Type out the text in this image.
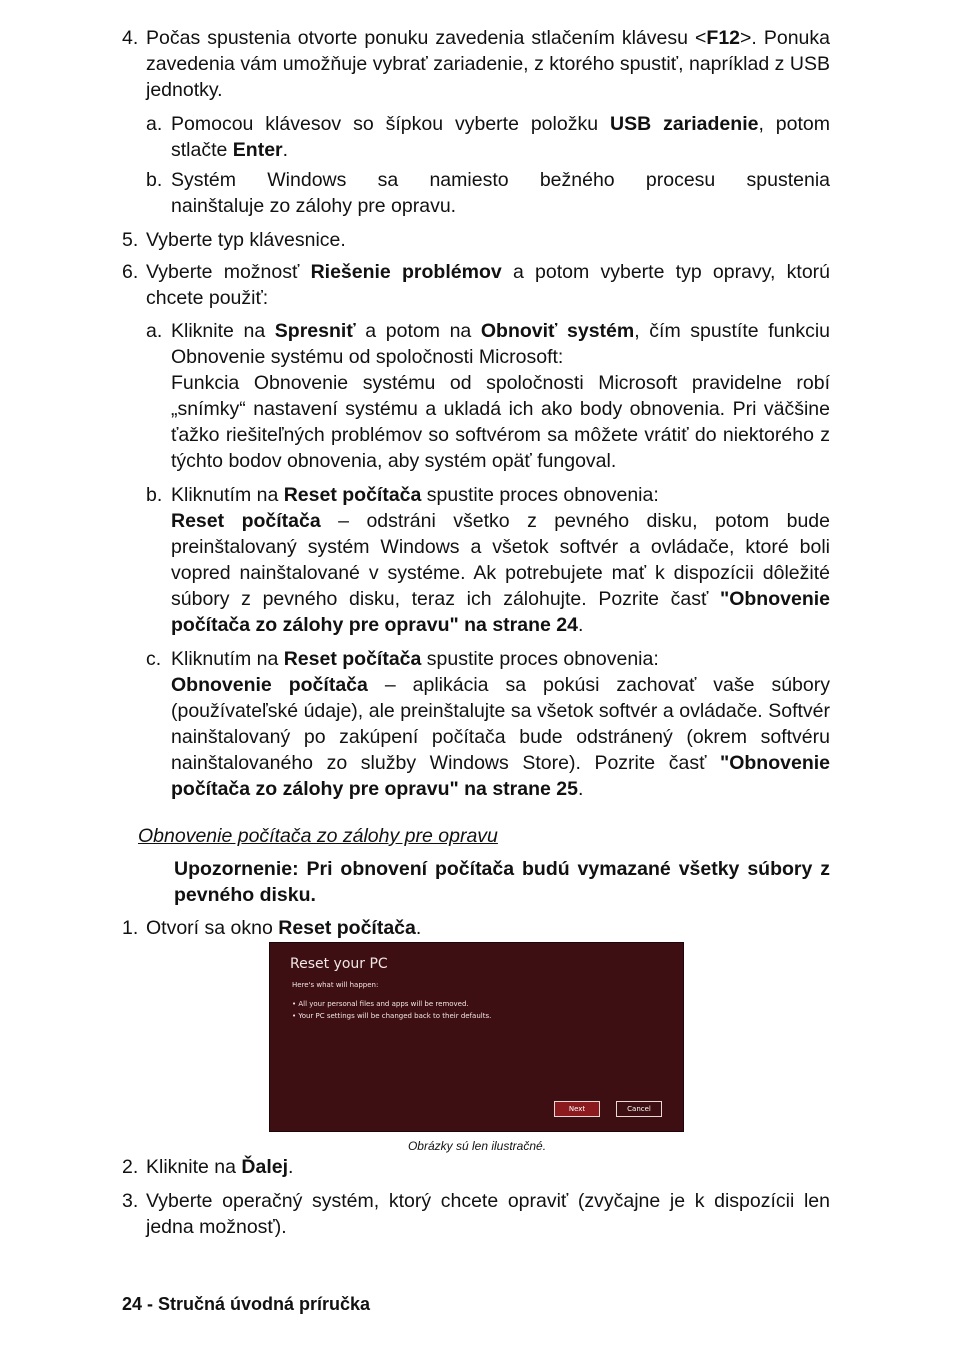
4. Počas spustenia otvorte ponuku zavedenia stlačením klávesu <F12>. Ponuka zavedenia vám umožňuje vybrať zariadenie, z ktorého spustiť, napríklad z USB jednotky.
a. Pomocou klávesov so šípkou vyberte položku USB zariadenie, potom stlačte Enter.
b. Systém Windows sa namiesto bežného procesu spustenia
nainštaluje zo zálohy pre opravu.
5. Vyberte typ klávesnice.
6. Vyberte možnosť Riešenie problémov a potom vyberte typ opravy, ktorú chcete použiť:
a. Kliknite na Spresniť a potom na Obnoviť systém, čím spustíte funkciu Obnovenie systému od spoločnosti Microsoft:
Funkcia Obnovenie systému od spoločnosti Microsoft pravidelne robí „snímky“ nastavení systému a ukladá ich ako body obnovenia. Pri väčšine ťažko riešiteľných problémov so softvérom sa môžete vrátiť do niektorého z týchto bodov obnovenia, aby systém opäť fungoval.
b. Kliknutím na Reset počítača spustite proces obnovenia:
Reset počítača – odstráni všetko z pevného disku, potom bude preinštalovaný systém Windows a všetok softvér a ovládače, ktoré boli vopred nainštalované v systéme. Ak potrebujete mať k dispozícii dôležité súbory z pevného disku, teraz ich zálohujte. Pozrite časť "Obnovenie počítača zo zálohy pre opravu" na strane 24.
c. Kliknutím na Reset počítača spustite proces obnovenia:
Obnovenie počítača – aplikácia sa pokúsi zachovať vaše súbory (používateľské údaje), ale preinštalujte sa všetok softvér a ovládače. Softvér nainštalovaný po zakúpení počítača bude odstránený (okrem softvéru nainštalovaného zo služby Windows Store). Pozrite časť "Obnovenie počítača zo zálohy pre opravu" na strane 25.
Obnovenie počítača zo zálohy pre opravu
Upozornenie: Pri obnovení počítača budú vymazané všetky súbory z pevného disku.
1. Otvorí sa okno Reset počítača.
Reset your PC
Here's what will happen:
• All your personal files and apps will be removed.
• Your PC settings will be changed back to their defaults.
Next	Cancel
Obrázky sú len ilustračné.
2. Kliknite na Ďalej.
3. Vyberte operačný systém, ktorý chcete opraviť (zvyčajne je k dispozícii len jedna možnosť).
24 - Stručná úvodná príručka
